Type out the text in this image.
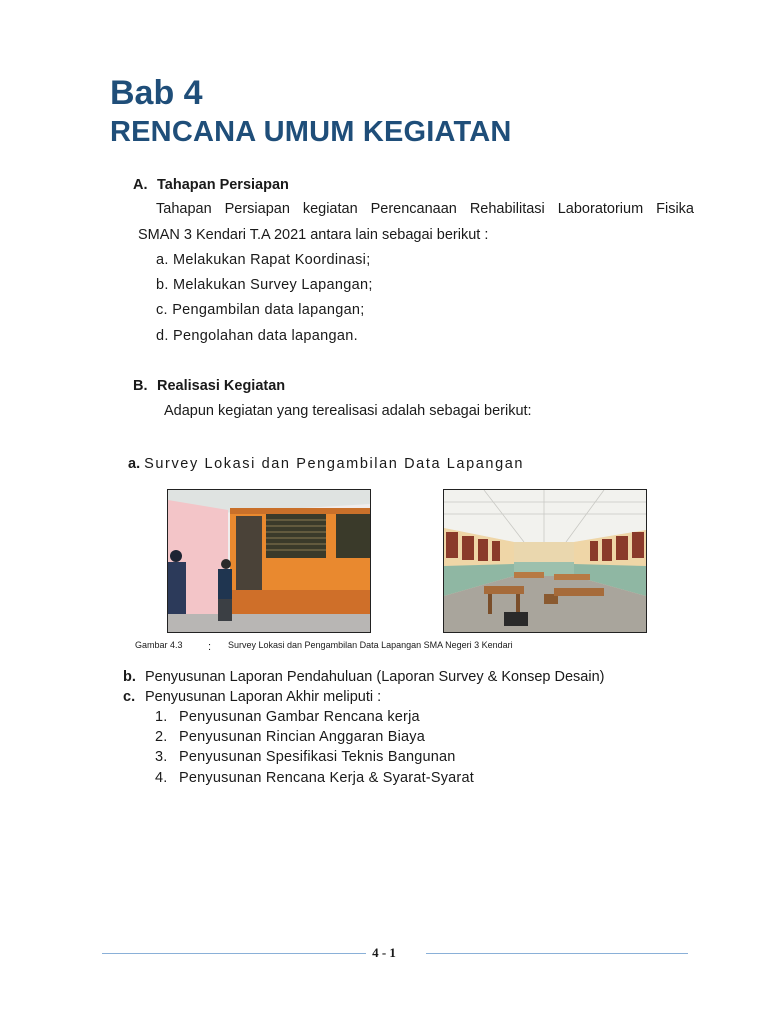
Bab 4
RENCANA UMUM KEGIATAN
A. Tahapan Persiapan
Tahapan Persiapan kegiatan Perencanaan Rehabilitasi Laboratorium Fisika
SMAN 3 Kendari T.A 2021 antara lain sebagai berikut :
a. Melakukan Rapat Koordinasi;
b. Melakukan Survey Lapangan;
c. Pengambilan data lapangan;
d. Pengolahan data lapangan.
B. Realisasi Kegiatan
Adapun kegiatan yang terealisasi adalah sebagai berikut:
a. Survey Lokasi dan Pengambilan Data Lapangan
Gambar 4.3 : Survey Lokasi dan Pengambilan Data Lapangan SMA Negeri 3 Kendari
b. Penyusunan Laporan Pendahuluan (Laporan Survey & Konsep Desain)
c. Penyusunan Laporan Akhir meliputi :
1. Penyusunan Gambar Rencana kerja
2. Penyusunan Rincian Anggaran Biaya
3. Penyusunan Spesifikasi Teknis Bangunan
4. Penyusunan Rencana Kerja & Syarat-Syarat
4 - 1
